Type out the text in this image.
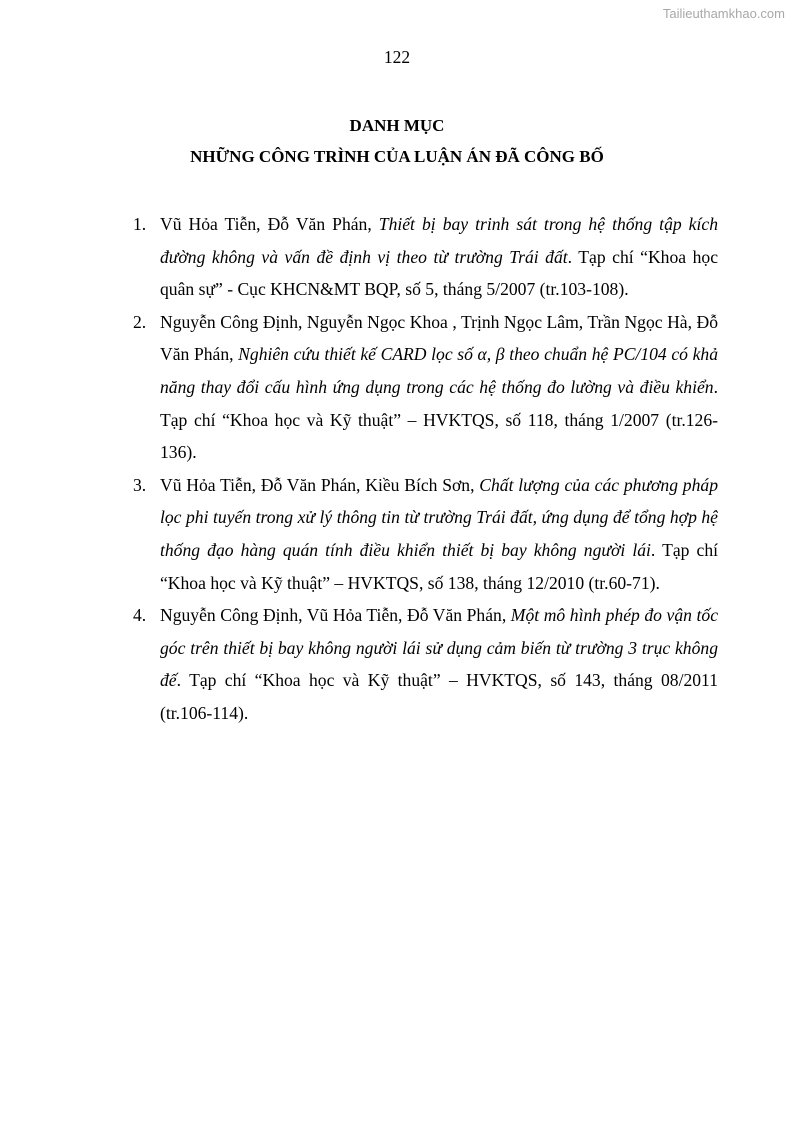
Tailieuthamkhao.com
122
DANH MỤC
NHỮNG CÔNG TRÌNH CỦA LUẬN ÁN ĐÃ CÔNG BỐ
1. Vũ Hỏa Tiễn, Đỗ Văn Phán, Thiết bị bay trinh sát trong hệ thống tập kích đường không và vấn đề định vị theo từ trường Trái đất. Tạp chí “Khoa học quân sự” - Cục KHCN&MT BQP, số 5, tháng 5/2007 (tr.103-108).
2. Nguyễn Công Định, Nguyễn Ngọc Khoa , Trịnh Ngọc Lâm, Trần Ngọc Hà, Đỗ Văn Phán, Nghiên cứu thiết kế CARD lọc số α, β theo chuẩn hệ PC/104 có khả năng thay đổi cấu hình ứng dụng trong các hệ thống đo lường và điều khiển. Tạp chí “Khoa học và Kỹ thuật” – HVKTQS, số 118, tháng 1/2007 (tr.126-136).
3. Vũ Hỏa Tiễn, Đỗ Văn Phán, Kiều Bích Sơn, Chất lượng của các phương pháp lọc phi tuyến trong xử lý thông tin từ trường Trái đất, ứng dụng để tổng hợp hệ thống đạo hàng quán tính điều khiển thiết bị bay không người lái. Tạp chí “Khoa học và Kỹ thuật” – HVKTQS, số 138, tháng 12/2010 (tr.60-71).
4. Nguyễn Công Định, Vũ Hỏa Tiễn, Đỗ Văn Phán, Một mô hình phép đo vận tốc góc trên thiết bị bay không người lái sử dụng cảm biến từ trường 3 trục không đế. Tạp chí “Khoa học và Kỹ thuật” – HVKTQS, số 143, tháng 08/2011 (tr.106-114).
